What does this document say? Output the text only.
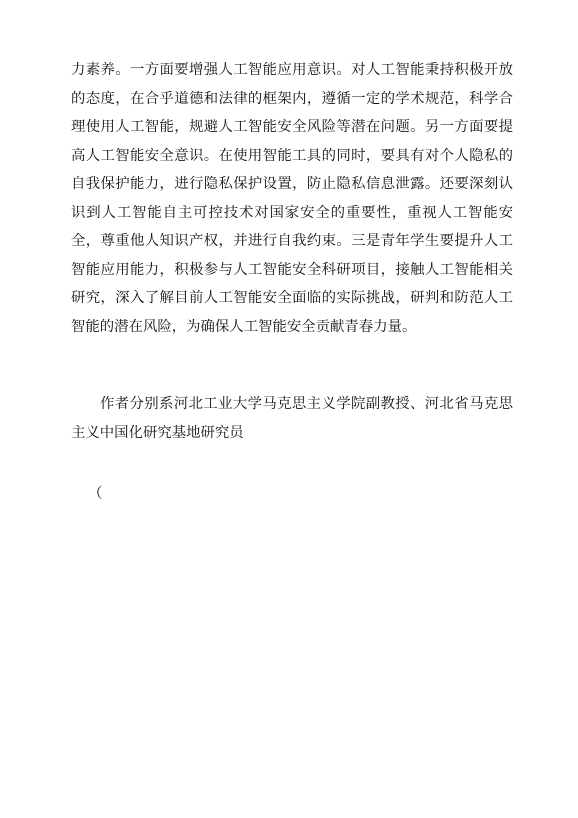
力素养。一方面要增强人工智能应用意识。对人工智能秉持积极开放的态度，在合乎道德和法律的框架内，遵循一定的学术规范，科学合理使用人工智能，规避人工智能安全风险等潜在问题。另一方面要提高人工智能安全意识。在使用智能工具的同时，要具有对个人隐私的自我保护能力，进行隐私保护设置，防止隐私信息泄露。还要深刻认识到人工智能自主可控技术对国家安全的重要性，重视人工智能安全，尊重他人知识产权，并进行自我约束。三是青年学生要提升人工智能应用能力，积极参与人工智能安全科研项目，接触人工智能相关研究，深入了解目前人工智能安全面临的实际挑战，研判和防范人工智能的潜在风险，为确保人工智能安全贡献青春力量。

作者分别系河北工业大学马克思主义学院副教授、河北省马克思主义中国化研究基地研究员

（
